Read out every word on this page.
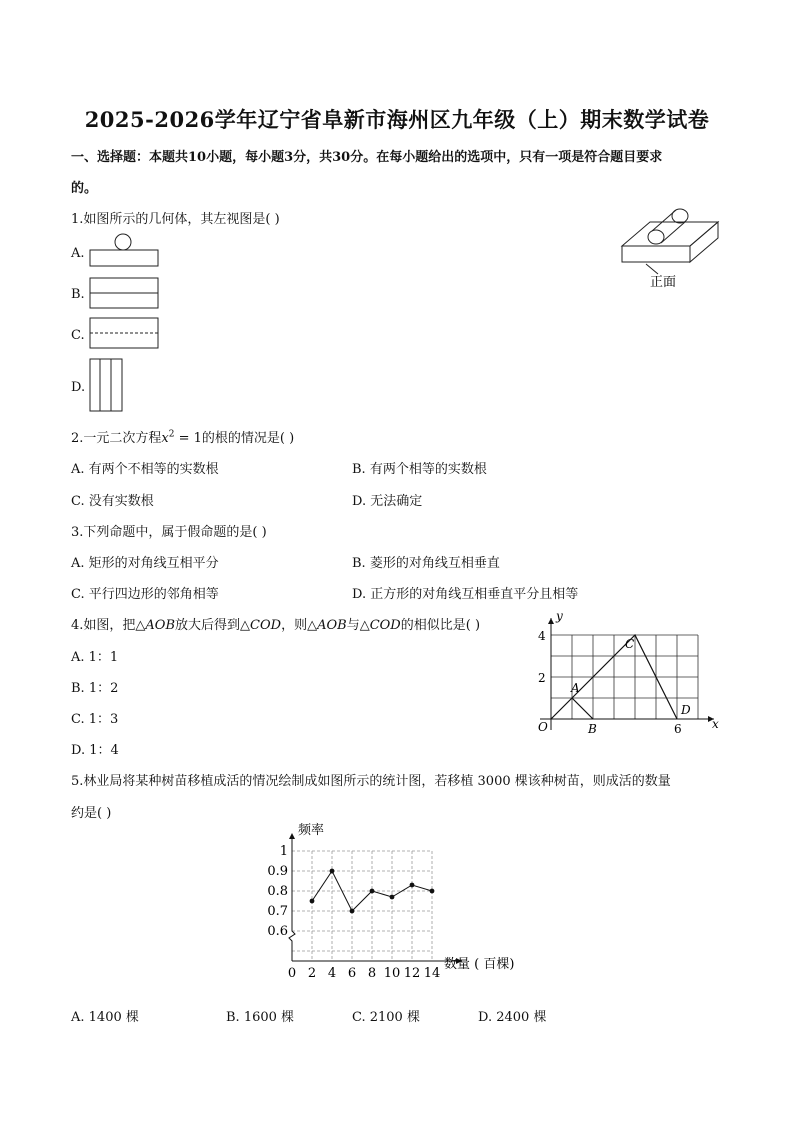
2025-2026学年辽宁省阜新市海州区九年级（上）期末数学试卷
一、选择题：本题共10小题，每小题3分，共30分。在每小题给出的选项中，只有一项是符合题目要求
的。
1.如图所示的几何体，其左视图是( )
正面
A.
B.
C.
D.
2.一元二次方程$x^2 = 1$的根的情况是( )
A. 有两个不相等的实数根	B. 有两个相等的实数根
C. 没有实数根	D. 无法确定
3.下列命题中，属于假命题的是( )
A. 矩形的对角线互相平分	B. 菱形的对角线互相垂直
C. 平行四边形的邻角相等	D. 正方形的对角线互相垂直平分且相等
4.如图，把△AOB放大后得到△COD，则△AOB与△COD的相似比是( )
A. 1：1
B. 1：2
C. 1：3
D. 1：4
y
x
4
2
O	6
A
B
C
D
5.林业局将某种树苗移植成活的情况绘制成如图所示的统计图，若移植 3000 棵该种树苗，则成活的数量
约是( )
0.6
0.7
0.8
0.9
1
0 2 4 6 8 10 12 14
频率
数量 ( 百棵)
A. 1400 棵	B. 1600 棵	C. 2100 棵	D. 2400 棵
